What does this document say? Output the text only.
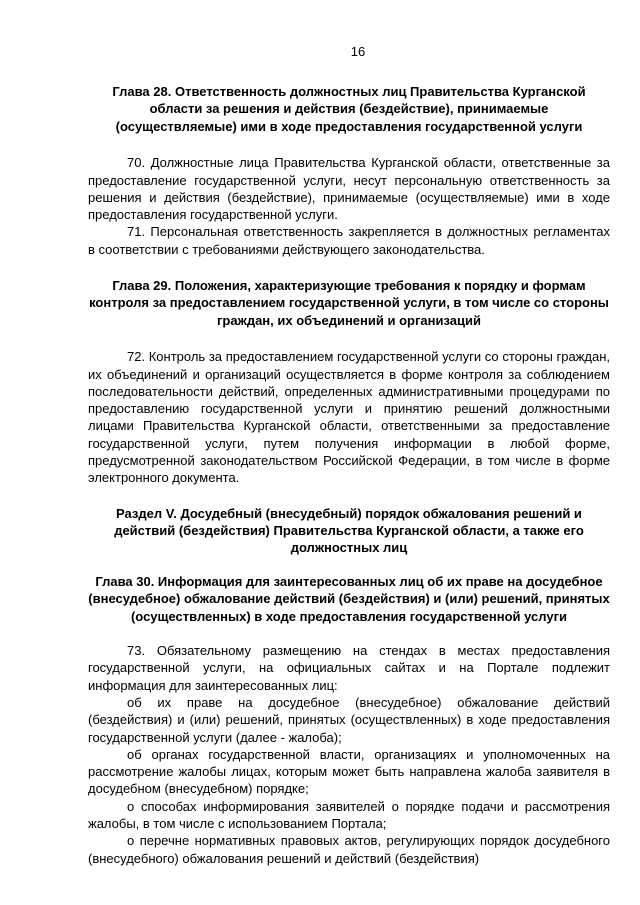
16

Глава 28. Ответственность должностных лиц Правительства Курганской области за решения и действия (бездействие), принимаемые (осуществляемые) ими в ходе предоставления государственной услуги

70. Должностные лица Правительства Курганской области, ответственные за предоставление государственной услуги, несут персональную ответственность за решения и действия (бездействие), принимаемые (осуществляемые) ими в ходе предоставления государственной услуги.

71. Персональная ответственность закрепляется в должностных регламентах в соответствии с требованиями действующего законодательства.

Глава 29. Положения, характеризующие требования к порядку и формам контроля за предоставлением государственной услуги, в том числе со стороны граждан, их объединений и организаций

72. Контроль за предоставлением государственной услуги со стороны граждан, их объединений и организаций осуществляется в форме контроля за соблюдением последовательности действий, определенных административными процедурами по предоставлению государственной услуги и принятию решений должностными лицами Правительства Курганской области, ответственными за предоставление государственной услуги, путем получения информации в любой форме, предусмотренной законодательством Российской Федерации, в том числе в форме электронного документа.

Раздел V. Досудебный (внесудебный) порядок обжалования решений и действий (бездействия) Правительства Курганской области, а также его должностных лиц

Глава 30. Информация для заинтересованных лиц об их праве на досудебное (внесудебное) обжалование действий (бездействия) и (или) решений, принятых (осуществленных) в ходе предоставления государственной услуги

73. Обязательному размещению на стендах в местах предоставления государственной услуги, на официальных сайтах и на Портале подлежит информация для заинтересованных лиц:

об их праве на досудебное (внесудебное) обжалование действий (бездействия) и (или) решений, принятых (осуществленных) в ходе предоставления государственной услуги (далее - жалоба);

об органах государственной власти, организациях и уполномоченных на рассмотрение жалобы лицах, которым может быть направлена жалоба заявителя в досудебном (внесудебном) порядке;

о способах информирования заявителей о порядке подачи и рассмотрения жалобы, в том числе с использованием Портала;

о перечне нормативных правовых актов, регулирующих порядок досудебного (внесудебного) обжалования решений и действий (бездействия)
